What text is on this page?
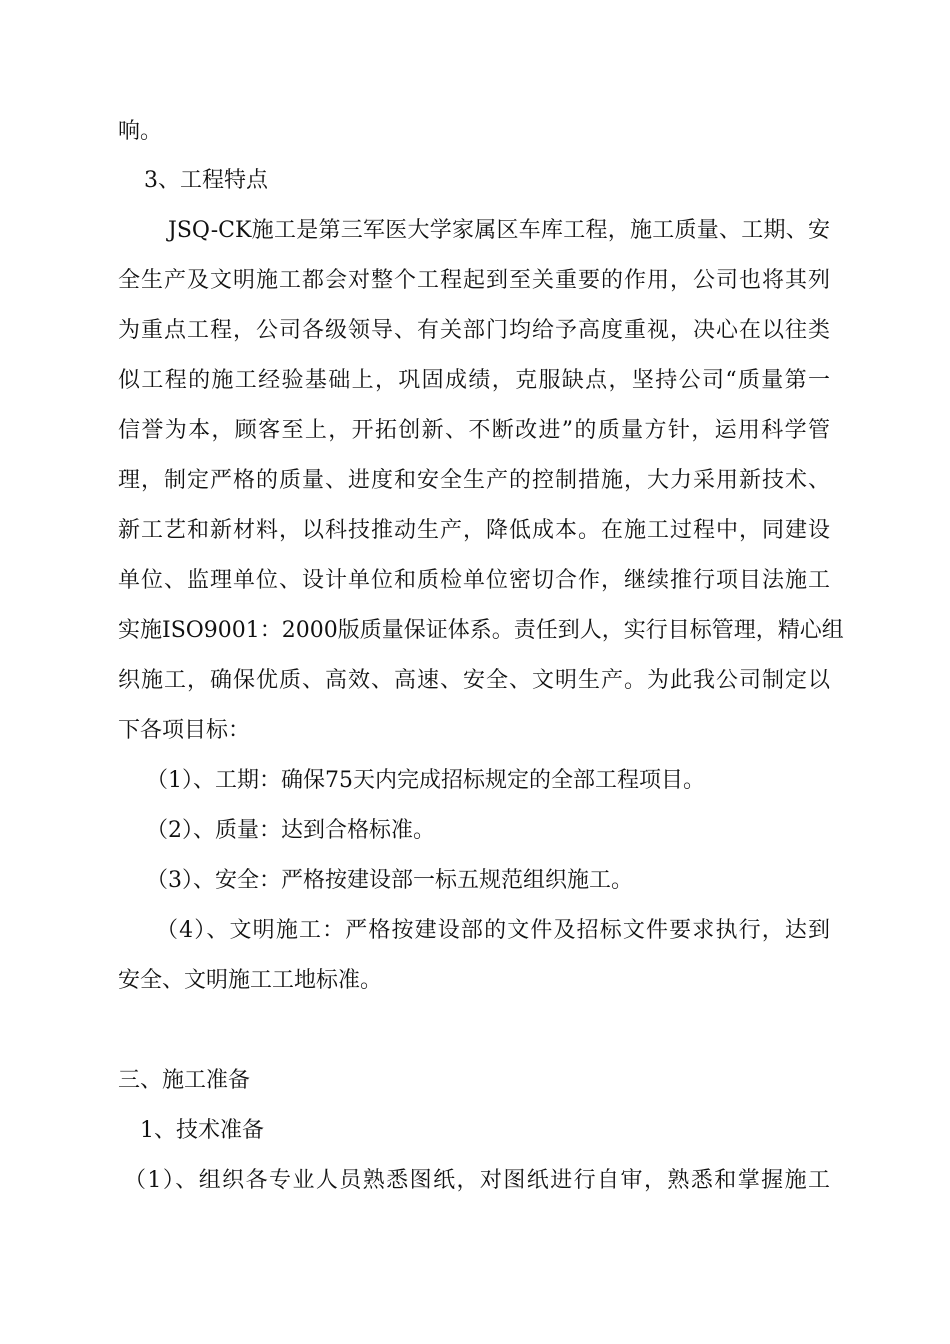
响。
3、工程特点
JSQ-CK施工是第三军医大学家属区车库工程，施工质量、工期、安
全生产及文明施工都会对整个工程起到至关重要的作用，公司也将其列
为重点工程，公司各级领导、有关部门均给予高度重视，决心在以往类
似工程的施工经验基础上，巩固成绩，克服缺点，坚持公司“质量第一
信誉为本，顾客至上，开拓创新、不断改进”的质量方针，运用科学管
理，制定严格的质量、进度和安全生产的控制措施，大力采用新技术、
新工艺和新材料，以科技推动生产，降低成本。在施工过程中，同建设
单位、监理单位、设计单位和质检单位密切合作，继续推行项目法施工
实施ISO9001：2000版质量保证体系。责任到人，实行目标管理，精心组
织施工，确保优质、高效、高速、安全、文明生产。为此我公司制定以
下各项目标：
（1）、工期：确保75天内完成招标规定的全部工程项目。
（2）、质量：达到合格标准。
（3）、安全：严格按建设部一标五规范组织施工。
（4）、文明施工：严格按建设部的文件及招标文件要求执行，达到
安全、文明施工工地标准。
三、施工准备
1、技术准备
（1）、组织各专业人员熟悉图纸，对图纸进行自审，熟悉和掌握施工
